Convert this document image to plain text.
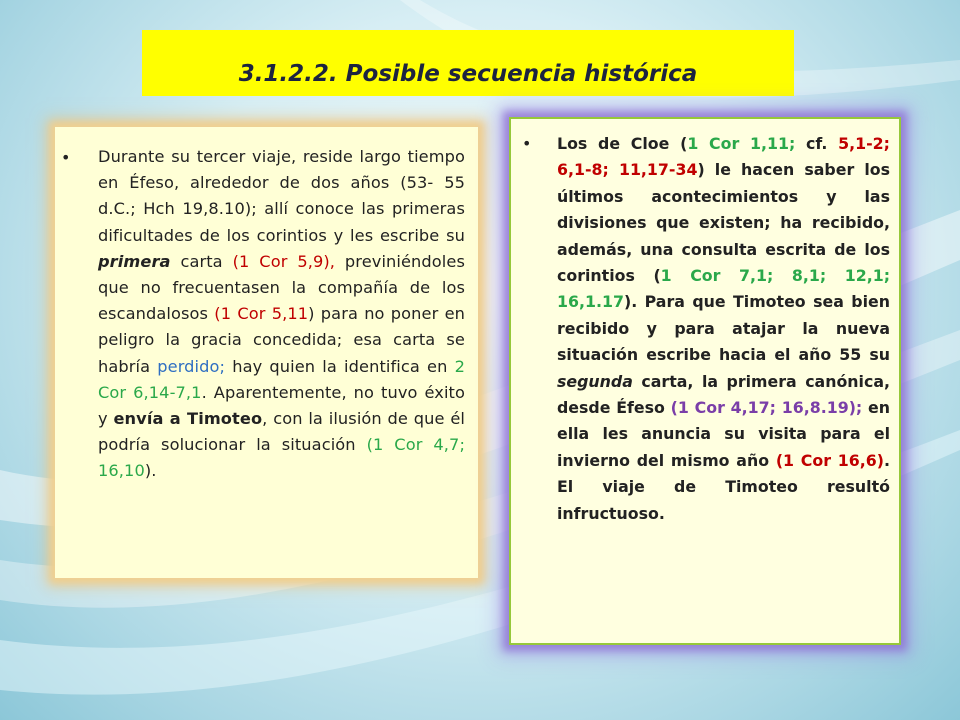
3.1.2.2. Posible secuencia histórica
• Durante su tercer viaje, reside largo tiempo en Éfeso, alrededor de dos años (53- 55 d.C.; Hch 19,8.10); allí conoce las primeras dificultades de los corintios y les escribe su primera carta (1 Cor 5,9), previniéndoles que no frecuentasen la compañía de los escandalosos (1 Cor 5,11) para no poner en peligro la gracia concedida; esa carta se habría perdido; hay quien la identifica en 2 Cor 6,14-7,1. Aparentemente, no tuvo éxito y envía a Timoteo, con la ilusión de que él podría solucionar la situación (1 Cor 4,7; 16,10).
• Los de Cloe (1 Cor 1,11; cf. 5,1-2; 6,1-8; 11,17-34) le hacen saber los últimos acontecimientos y las divisiones que existen; ha recibido, además, una consulta escrita de los corintios (1 Cor 7,1; 8,1; 12,1; 16,1.17). Para que Timoteo sea bien recibido y para atajar la nueva situación escribe hacia el año 55 su segunda carta, la primera canónica, desde Éfeso (1 Cor 4,17; 16,8.19); en ella les anuncia su visita para el invierno del mismo año (1 Cor 16,6). El viaje de Timoteo resultó infructuoso.
